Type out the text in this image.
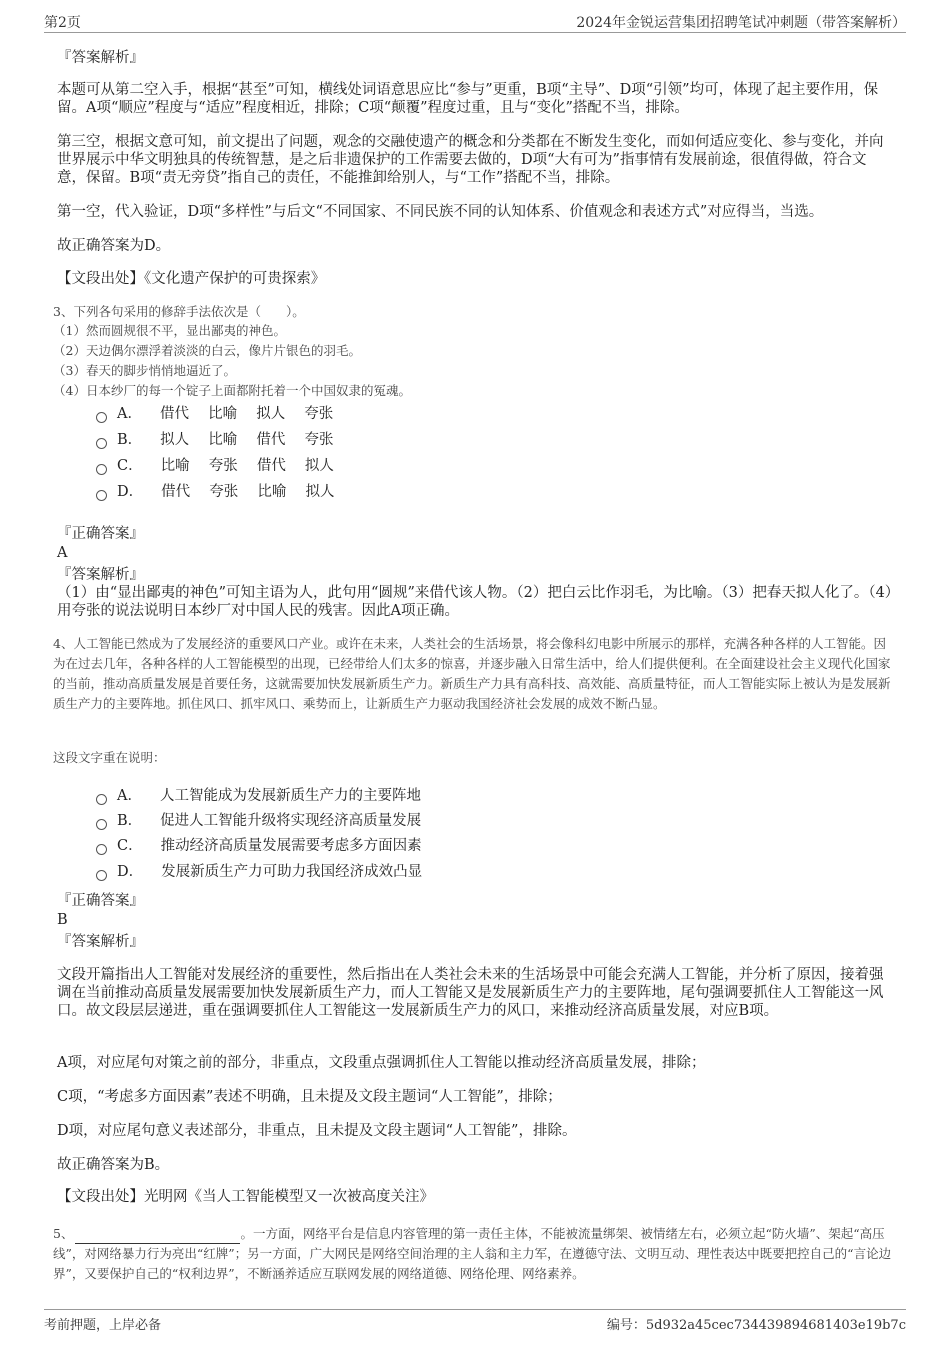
第2页	2024年金锐运营集团招聘笔试冲刺题（带答案解析）
『答案解析』

本题可从第二空入手，根据“甚至”可知，横线处词语意思应比“参与”更重，B项“主导”、D项“引领”均可，体现了起主要作用，保留。A项“顺应”程度与“适应”程度相近，排除；C项“颠覆”程度过重，且与“变化”搭配不当，排除。

第三空，根据文意可知，前文提出了问题，观念的交融使遗产的概念和分类都在不断发生变化，而如何适应变化、参与变化，并向世界展示中华文明独具的传统智慧，是之后非遗保护的工作需要去做的，D项“大有可为”指事情有发展前途，很值得做，符合文意，保留。B项“责无旁贷”指自己的责任，不能推卸给别人，与“工作”搭配不当，排除。

第一空，代入验证，D项“多样性”与后文“不同国家、不同民族不同的认知体系、价值观念和表述方式”对应得当，当选。

故正确答案为D。
【文段出处】《文化遗产保护的可贵探索》
3、下列各句采用的修辞手法依次是（　　）。
（1）然而圆规很不平，显出鄙夷的神色。
（2）天边偶尔漂浮着淡淡的白云，像片片银色的羽毛。
（3）春天的脚步悄悄地逼近了。
（4）日本纱厂的每一个锭子上面都附托着一个中国奴隶的冤魂。
A． 借代　 比喻　 拟人　 夸张
B． 拟人　 比喻　 借代　 夸张
C． 比喻　 夸张　 借代　 拟人
D． 借代　 夸张　 比喻　 拟人
『正确答案』
A
『答案解析』

（1）由“显出鄙夷的神色”可知主语为人，此句用“圆规”来借代该人物。（2）把白云比作羽毛，为比喻。（3）把春天拟人化了。（4）用夸张的说法说明日本纱厂对中国人民的残害。因此A项正确。

4、人工智能已然成为了发展经济的重要风口产业。或许在未来，人类社会的生活场景，将会像科幻电影中所展示的那样，充满各种各样的人工智能。因为在过去几年，各种各样的人工智能模型的出现，已经带给人们太多的惊喜，并逐步融入日常生活中，给人们提供便利。在全面建设社会主义现代化国家的当前，推动高质量发展是首要任务，这就需要加快发展新质生产力。新质生产力具有高科技、高效能、高质量特征，而人工智能实际上被认为是发展新质生产力的主要阵地。抓住风口、抓牢风口、乘势而上，让新质生产力驱动我国经济社会发展的成效不断凸显。

这段文字重在说明：
A． 人工智能成为发展新质生产力的主要阵地
B． 促进人工智能升级将实现经济高质量发展
C． 推动经济高质量发展需要考虑多方面因素
D． 发展新质生产力可助力我国经济成效凸显
『正确答案』
B
『答案解析』

文段开篇指出人工智能对发展经济的重要性，然后指出在人类社会未来的生活场景中可能会充满人工智能，并分析了原因，接着强调在当前推动高质量发展需要加快发展新质生产力，而人工智能又是发展新质生产力的主要阵地，尾句强调要抓住人工智能这一风口。故文段层层递进，重在强调要抓住人工智能这一发展新质生产力的风口，来推动经济高质量发展，对应B项。

A项，对应尾句对策之前的部分，非重点，文段重点强调抓住人工智能以推动经济高质量发展，排除；

C项，“考虑多方面因素”表述不明确，且未提及文段主题词“人工智能”，排除；

D项，对应尾句意义表述部分，非重点，且未提及文段主题词“人工智能”，排除。

故正确答案为B。
【文段出处】光明网《当人工智能模型又一次被高度关注》

5、	。一方面，网络平台是信息内容管理的第一责任主体，不能被流量绑架、被情绪左右，必须立起“防火墙”、架起“高压线”，对网络暴力行为亮出“红牌”；另一方面，广大网民是网络空间治理的主人翁和主力军，在遵德守法、文明互动、理性表达中既要把控自己的“言论边界”，又要保护自己的“权利边界”，不断涵养适应互联网发展的网络道德、网络伦理、网络素养。

考前押题，上岸必备	编号：5d932a45cec734439894681403e19b7c
